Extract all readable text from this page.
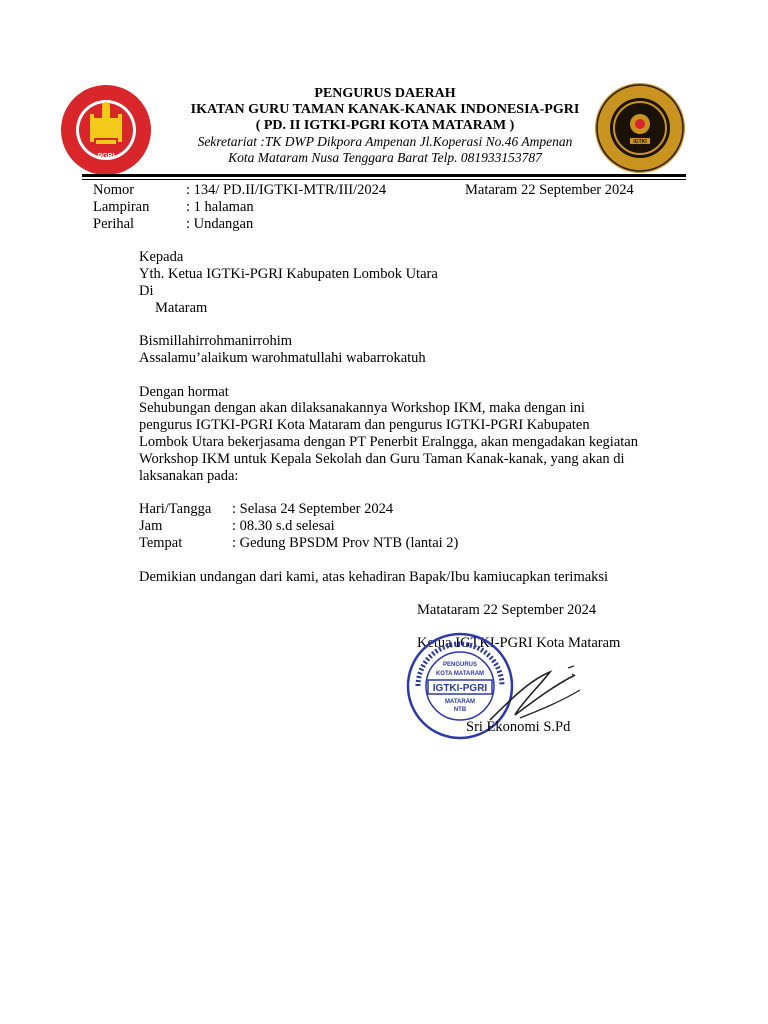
PGRI
IGTKI
PENGURUS DAERAH
IKATAN GURU TAMAN KANAK-KANAK INDONESIA-PGRI
( PD. II IGTKI-PGRI KOTA MATARAM )
Sekretariat :TK DWP Dikpora Ampenan Jl.Koperasi No.46 Ampenan
Kota Mataram Nusa Tenggara Barat Telp. 081933153787
Nomor	: 134/ PD.II/IGTKI-MTR/III/2024	Mataram 22 September 2024
Lampiran	: 1 halaman
Perihal	: Undangan
Kepada
Yth. Ketua IGTKi-PGRI Kabupaten Lombok Utara
Di
Mataram
Bismillahirrohmanirrohim
Assalamu’alaikum warohmatullahi wabarrokatuh
Dengan hormat
Sehubungan dengan akan dilaksanakannya Workshop IKM, maka dengan ini
pengurus IGTKI-PGRI Kota Mataram dan pengurus IGTKI-PGRI Kabupaten
Lombok Utara bekerjasama dengan PT Penerbit Eralngga, akan mengadakan kegiatan
Workshop IKM untuk Kepala Sekolah dan Guru Taman Kanak-kanak, yang akan di
laksanakan pada:
Hari/Tangga : Selasa 24 September 2024
Jam	: 08.30 s.d selesai
Tempat	: Gedung BPSDM Prov NTB (lantai 2)
Demikian undangan dari kami, atas kehadiran Bapak/Ibu kamiucapkan terimaksi
Matataram 22 September 2024
Ketua IGTKI-PGRI Kota Mataram
IGTKI-PGRI
PENGURUS
KOTA MATARAM
MATARAM
NTB
Sri Ekonomi S.Pd
